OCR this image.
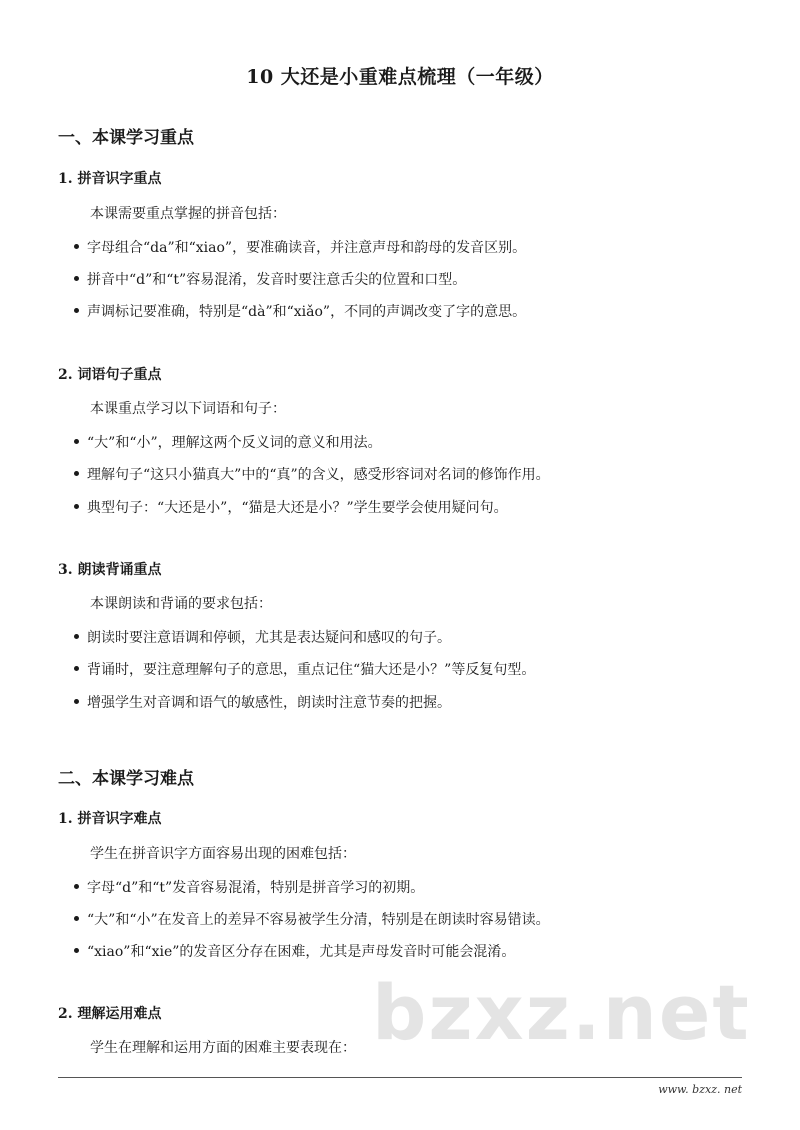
bzxz.net
10 大还是小重难点梳理（一年级）
一、本课学习重点
1. 拼音识字重点
本课需要重点掌握的拼音包括：
字母组合“da”和“xiao”，要准确读音，并注意声母和韵母的发音区别。
拼音中“d”和“t”容易混淆，发音时要注意舌尖的位置和口型。
声调标记要准确，特别是“dà”和“xiǎo”，不同的声调改变了字的意思。
2. 词语句子重点
本课重点学习以下词语和句子：
“大”和“小”，理解这两个反义词的意义和用法。
理解句子“这只小猫真大”中的“真”的含义，感受形容词对名词的修饰作用。
典型句子：“大还是小”，“猫是大还是小？”学生要学会使用疑问句。
3. 朗读背诵重点
本课朗读和背诵的要求包括：
朗读时要注意语调和停顿，尤其是表达疑问和感叹的句子。
背诵时，要注意理解句子的意思，重点记住“猫大还是小？”等反复句型。
增强学生对音调和语气的敏感性，朗读时注意节奏的把握。
二、本课学习难点
1. 拼音识字难点
学生在拼音识字方面容易出现的困难包括：
字母“d”和“t”发音容易混淆，特别是拼音学习的初期。
“大”和“小”在发音上的差异不容易被学生分清，特别是在朗读时容易错读。
“xiao”和“xie”的发音区分存在困难，尤其是声母发音时可能会混淆。
2. 理解运用难点
学生在理解和运用方面的困难主要表现在：
www. bzxz. net
